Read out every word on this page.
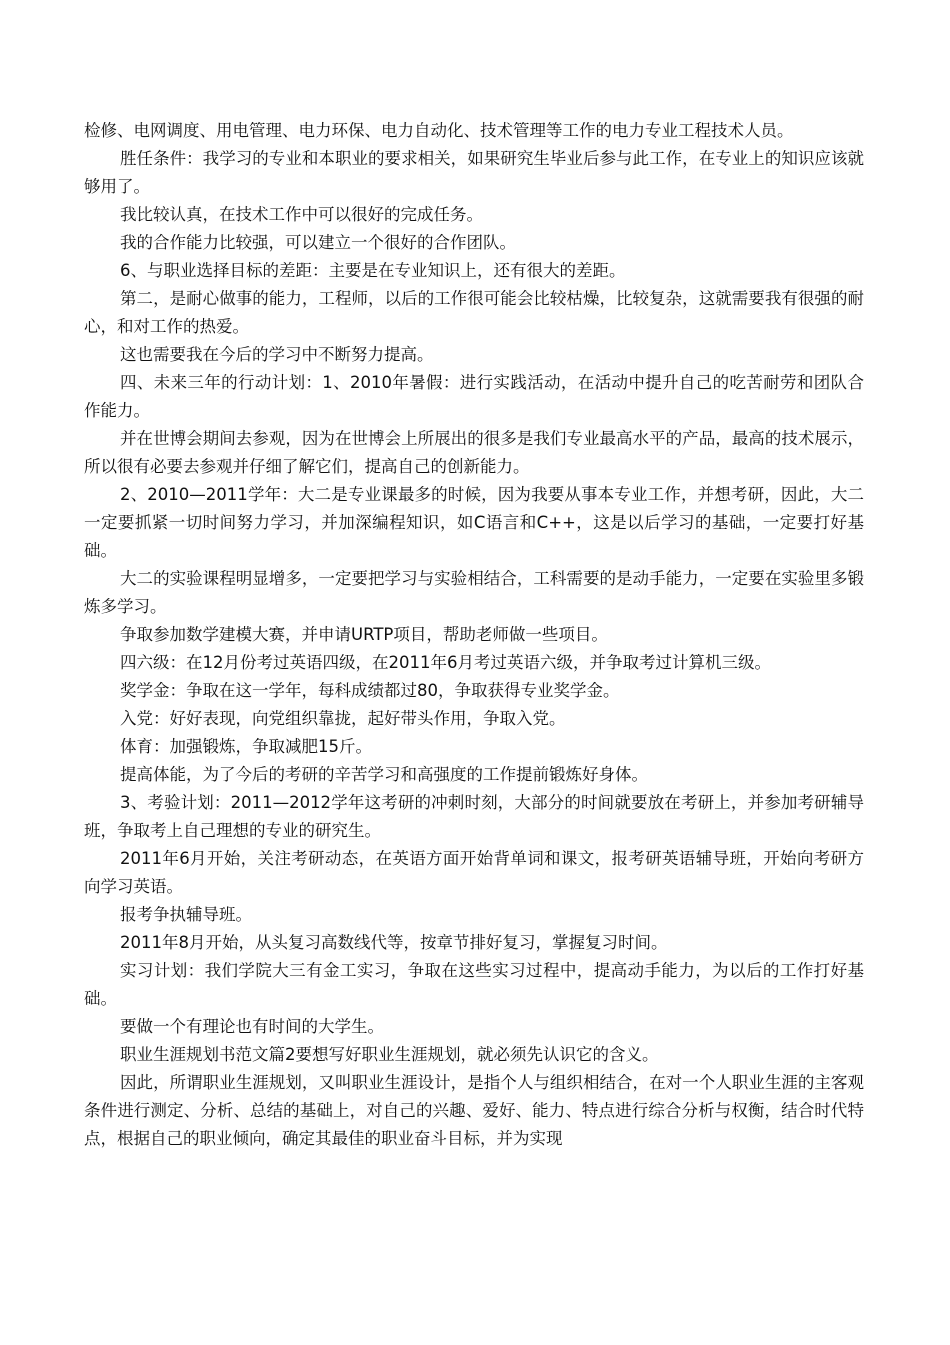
检修、电网调度、用电管理、电力环保、电力自动化、技术管理等工作的电力专业工程技术人员。

胜任条件：我学习的专业和本职业的要求相关，如果研究生毕业后参与此工作，在专业上的知识应该就够用了。

我比较认真，在技术工作中可以很好的完成任务。

我的合作能力比较强，可以建立一个很好的合作团队。

6、与职业选择目标的差距：主要是在专业知识上，还有很大的差距。

第二，是耐心做事的能力，工程师，以后的工作很可能会比较枯燥，比较复杂，这就需要我有很强的耐心，和对工作的热爱。

这也需要我在今后的学习中不断努力提高。

四、未来三年的行动计划：1、2010年暑假：进行实践活动，在活动中提升自己的吃苦耐劳和团队合作能力。

并在世博会期间去参观，因为在世博会上所展出的很多是我们专业最高水平的产品，最高的技术展示，所以很有必要去参观并仔细了解它们，提高自己的创新能力。

2、2010—2011学年：大二是专业课最多的时候，因为我要从事本专业工作，并想考研，因此，大二一定要抓紧一切时间努力学习，并加深编程知识，如C语言和C++，这是以后学习的基础，一定要打好基础。

大二的实验课程明显增多，一定要把学习与实验相结合，工科需要的是动手能力，一定要在实验里多锻炼多学习。

争取参加数学建模大赛，并申请URTP项目，帮助老师做一些项目。

四六级：在12月份考过英语四级，在2011年6月考过英语六级，并争取考过计算机三级。

奖学金：争取在这一学年，每科成绩都过80，争取获得专业奖学金。

入党：好好表现，向党组织靠拢，起好带头作用，争取入党。

体育：加强锻炼，争取减肥15斤。

提高体能，为了今后的考研的辛苦学习和高强度的工作提前锻炼好身体。

3、考验计划：2011—2012学年这考研的冲刺时刻，大部分的时间就要放在考研上，并参加考研辅导班，争取考上自己理想的专业的研究生。

2011年6月开始，关注考研动态，在英语方面开始背单词和课文，报考研英语辅导班，开始向考研方向学习英语。

报考争执辅导班。

2011年8月开始，从头复习高数线代等，按章节排好复习，掌握复习时间。

实习计划：我们学院大三有金工实习，争取在这些实习过程中，提高动手能力，为以后的工作打好基础。

要做一个有理论也有时间的大学生。

职业生涯规划书范文篇2要想写好职业生涯规划，就必须先认识它的含义。

因此，所谓职业生涯规划，又叫职业生涯设计，是指个人与组织相结合，在对一个人职业生涯的主客观条件进行测定、分析、总结的基础上，对自己的兴趣、爱好、能力、特点进行综合分析与权衡，结合时代特点，根据自己的职业倾向，确定其最佳的职业奋斗目标，并为实现
